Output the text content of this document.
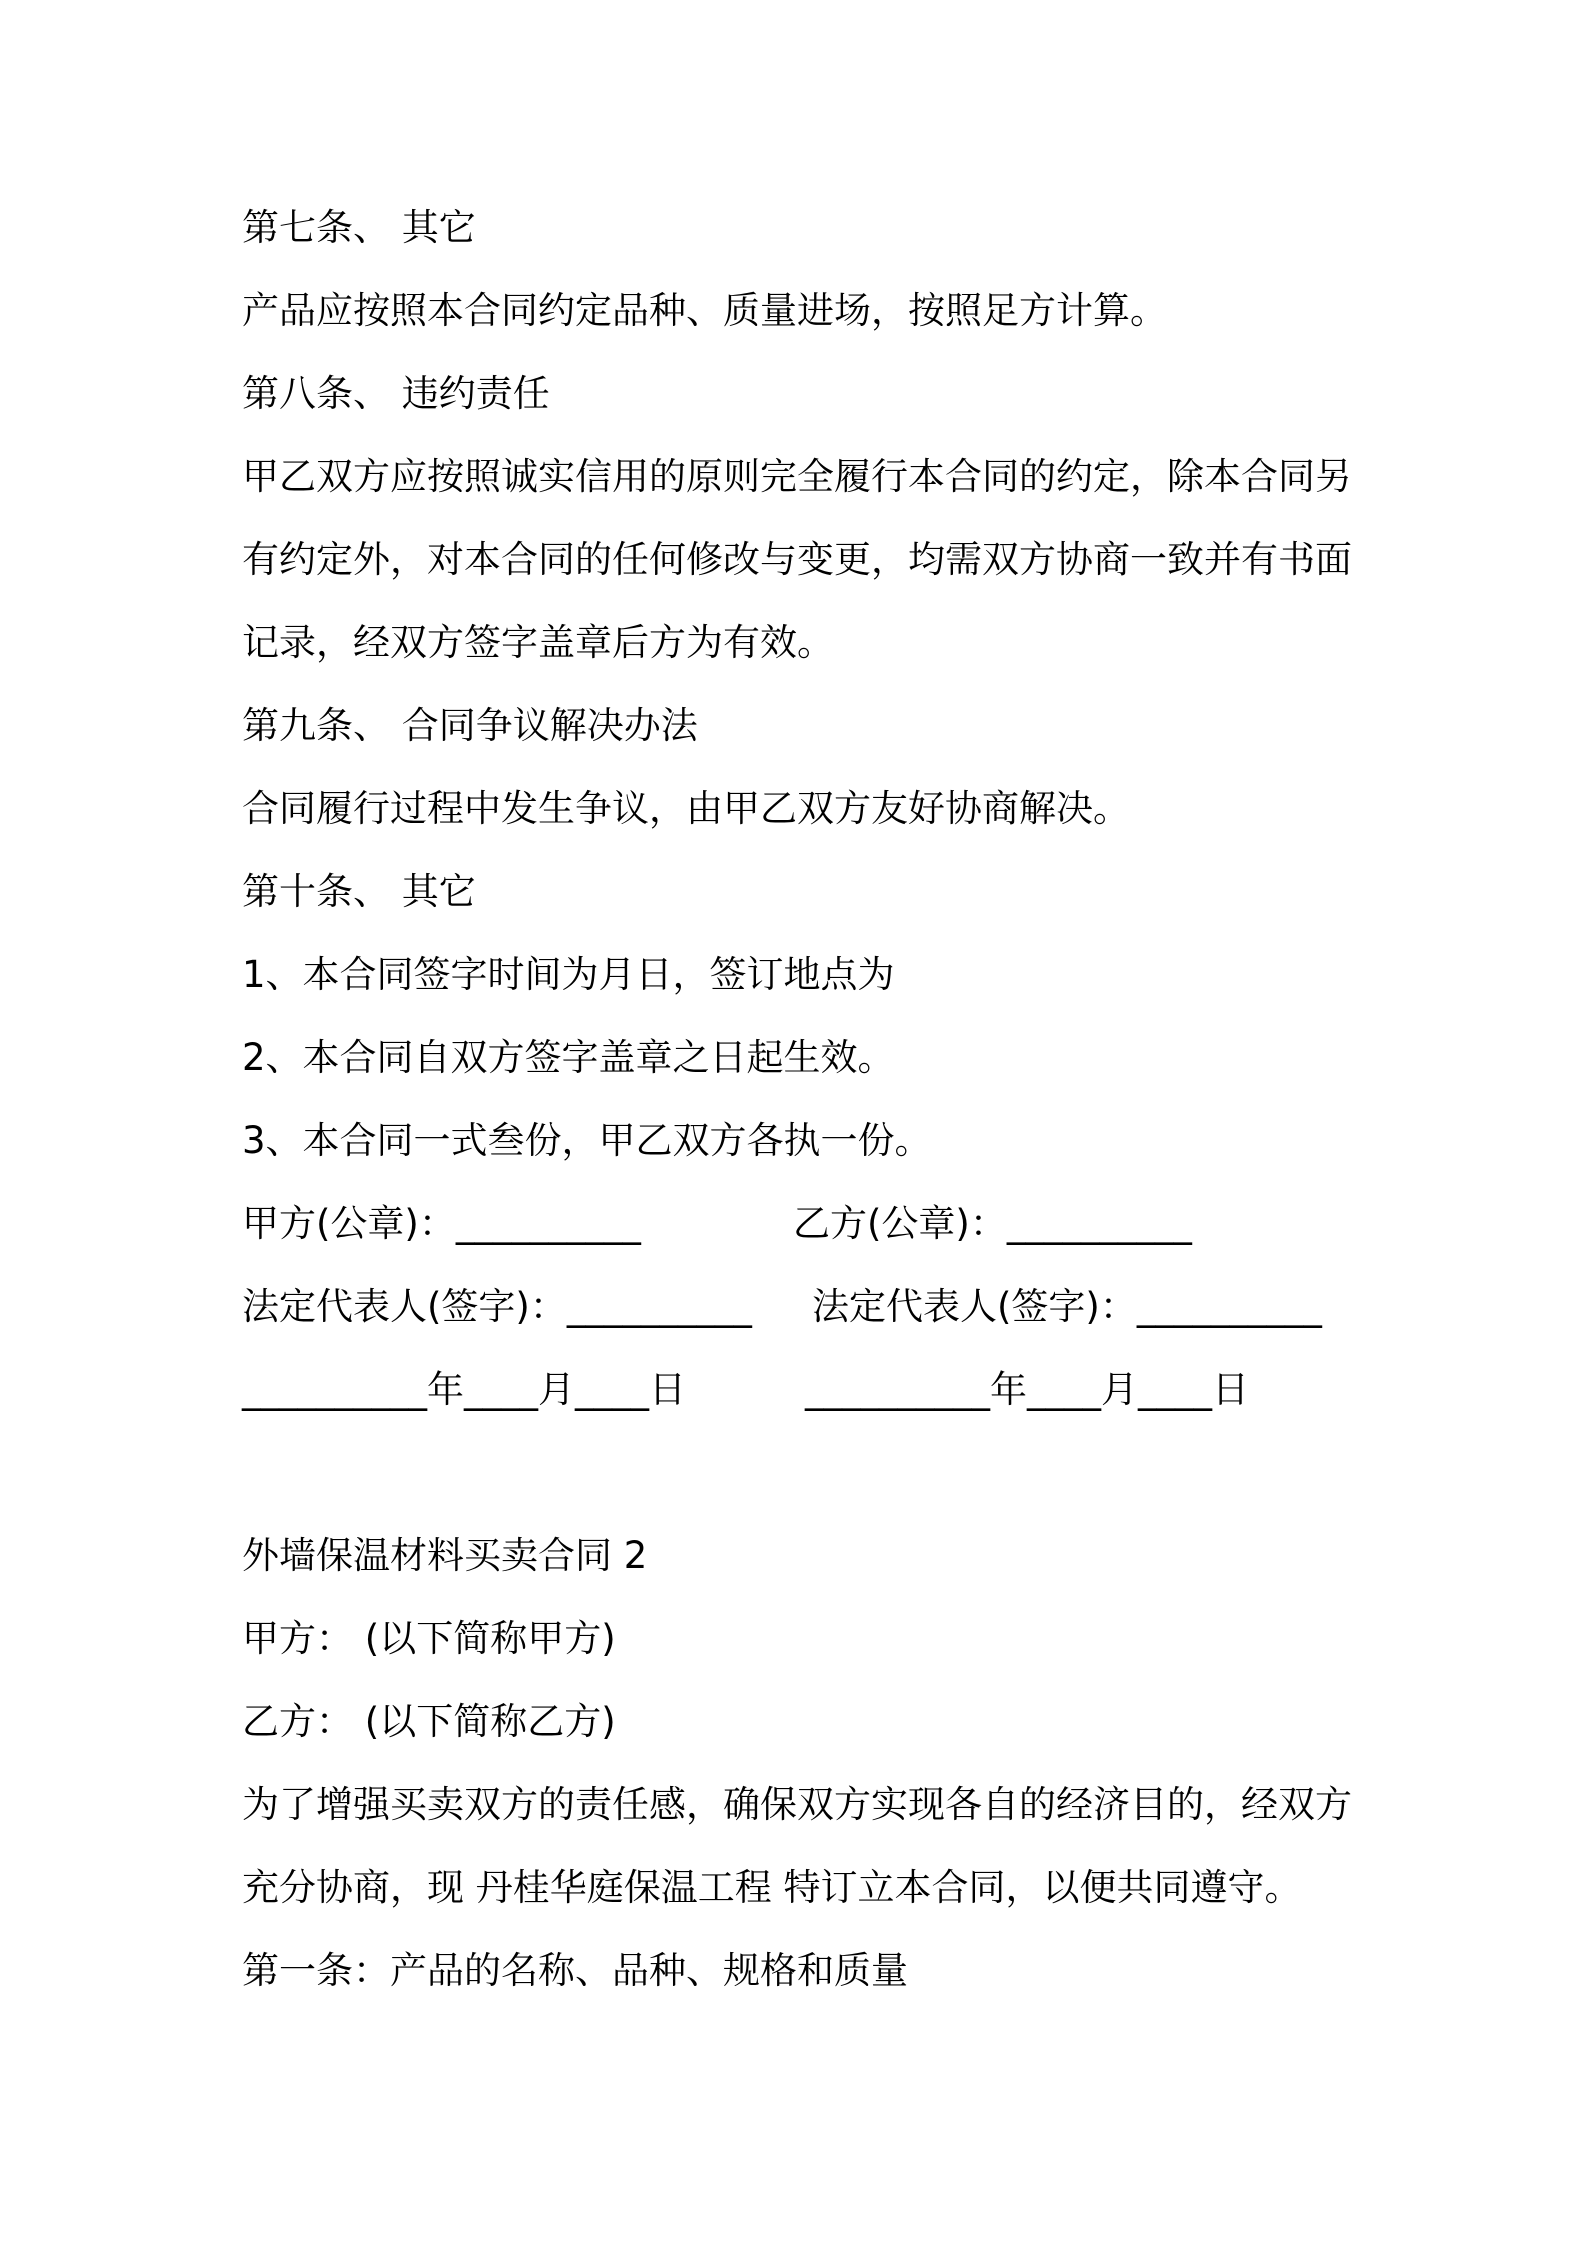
第七条、 其它
产品应按照本合同约定品种、质量进场，按照足方计算。
第八条、 违约责任
甲乙双方应按照诚实信用的原则完全履行本合同的约定，除本合同另
有约定外，对本合同的任何修改与变更，均需双方协商一致并有书面
记录，经双方签字盖章后方为有效。
第九条、 合同争议解决办法
合同履行过程中发生争议，由甲乙双方友好协商解决。
第十条、 其它
1、本合同签字时间为月日，签订地点为
2、本合同自双方签字盖章之日起生效。
3、本合同一式叁份，甲乙双方各执一份。
甲方(公章)：__________	乙方(公章)：__________
法定代表人(签字)：__________ 法定代表人(签字)：__________
__________年____月____日	__________年____月____日
外墙保温材料买卖合同 2
甲方： (以下简称甲方)
乙方： (以下简称乙方)
为了增强买卖双方的责任感，确保双方实现各自的经济目的，经双方
充分协商，现 丹桂华庭保温工程 特订立本合同，以便共同遵守。
第一条：产品的名称、品种、规格和质量
